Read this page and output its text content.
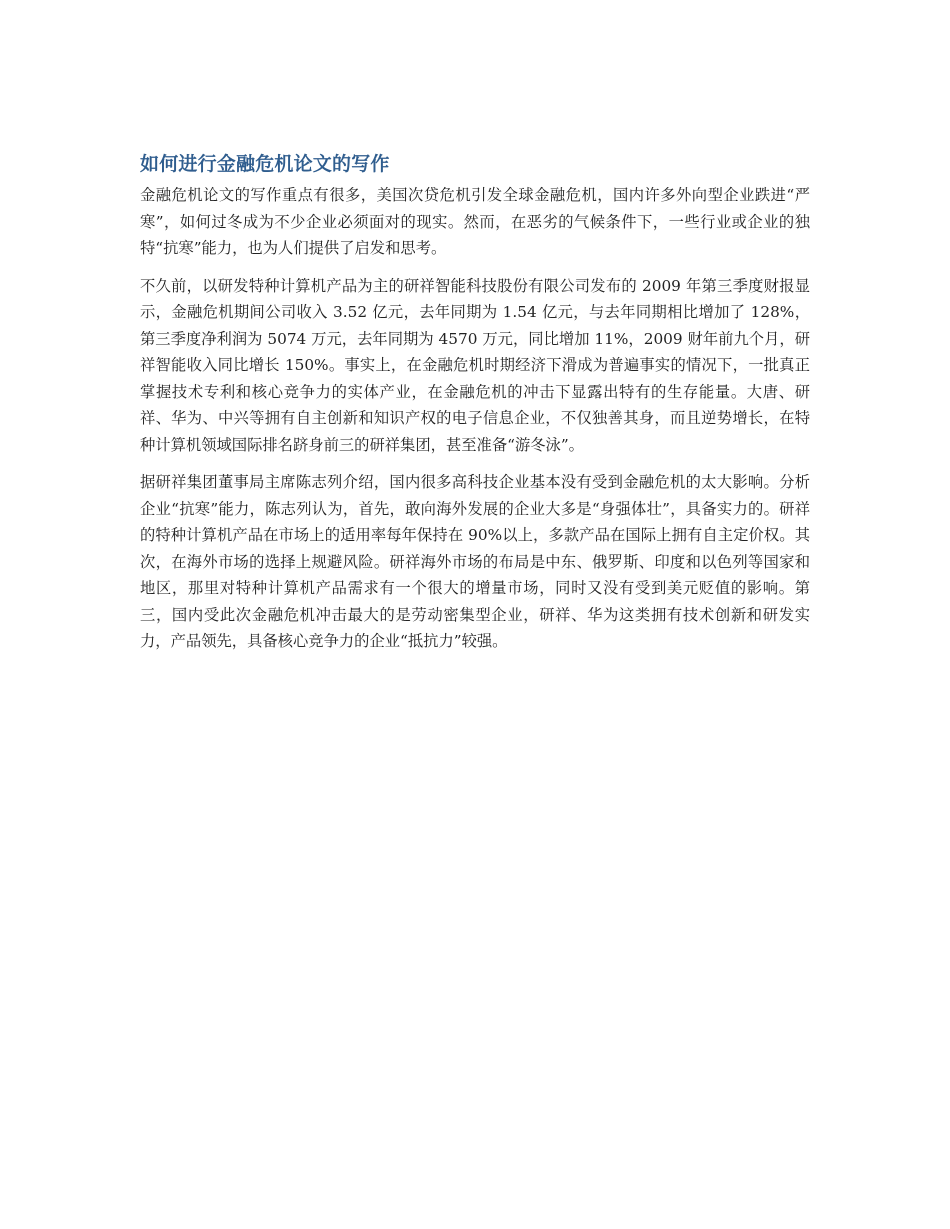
如何进行金融危机论文的写作

金融危机论文的写作重点有很多，美国次贷危机引发全球金融危机，国内许多外向型企业跌进“严寒”，如何过冬成为不少企业必须面对的现实。然而，在恶劣的气候条件下，一些行业或企业的独特“抗寒”能力，也为人们提供了启发和思考。

不久前，以研发特种计算机产品为主的研祥智能科技股份有限公司发布的 2009 年第三季度财报显示，金融危机期间公司收入 3.52 亿元，去年同期为 1.54 亿元，与去年同期相比增加了 128%，第三季度净利润为 5074 万元，去年同期为 4570 万元，同比增加 11%，2009 财年前九个月，研祥智能收入同比增长 150%。事实上，在金融危机时期经济下滑成为普遍事实的情况下，一批真正掌握技术专利和核心竞争力的实体产业，在金融危机的冲击下显露出特有的生存能量。大唐、研祥、华为、中兴等拥有自主创新和知识产权的电子信息企业，不仅独善其身，而且逆势增长，在特种计算机领域国际排名跻身前三的研祥集团，甚至准备“游冬泳”。

据研祥集团董事局主席陈志列介绍，国内很多高科技企业基本没有受到金融危机的太大影响。分析企业“抗寒”能力，陈志列认为，首先，敢向海外发展的企业大多是“身强体壮”，具备实力的。研祥的特种计算机产品在市场上的适用率每年保持在 90%以上，多款产品在国际上拥有自主定价权。其次，在海外市场的选择上规避风险。研祥海外市场的布局是中东、俄罗斯、印度和以色列等国家和地区，那里对特种计算机产品需求有一个很大的增量市场，同时又没有受到美元贬值的影响。第三，国内受此次金融危机冲击最大的是劳动密集型企业，研祥、华为这类拥有技术创新和研发实力，产品领先，具备核心竞争力的企业“抵抗力”较强。
